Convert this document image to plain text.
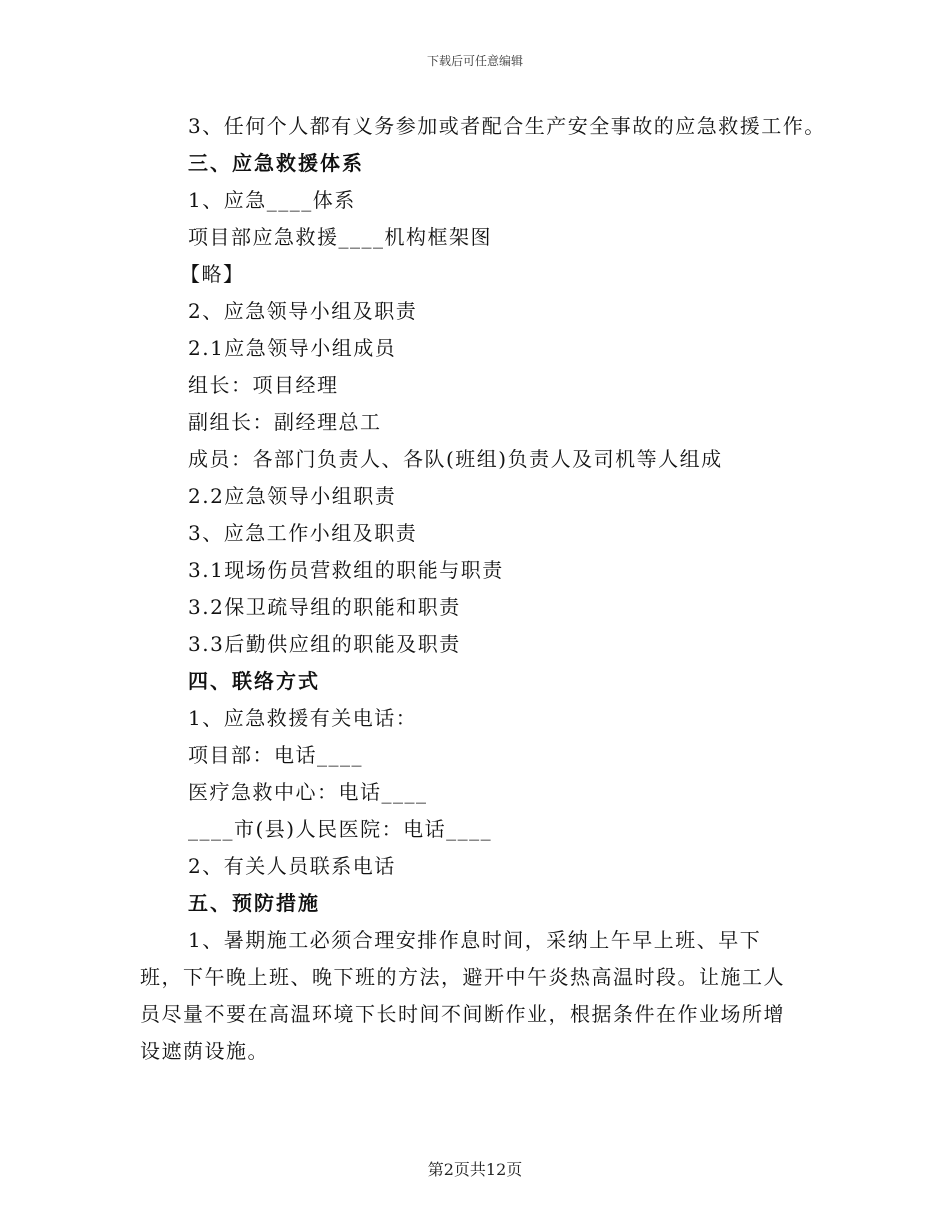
下载后可任意编辑
3、任何个人都有义务参加或者配合生产安全事故的应急救援工作。
三、应急救援体系
1、应急____体系
项目部应急救援____机构框架图
【略】
2、应急领导小组及职责
2.1应急领导小组成员
组长：项目经理
副组长：副经理总工
成员：各部门负责人、各队(班组)负责人及司机等人组成
2.2应急领导小组职责
3、应急工作小组及职责
3.1现场伤员营救组的职能与职责
3.2保卫疏导组的职能和职责
3.3后勤供应组的职能及职责
四、联络方式
1、应急救援有关电话：
项目部：电话____
医疗急救中心：电话____
____市(县)人民医院：电话____
2、有关人员联系电话
五、预防措施
1、暑期施工必须合理安排作息时间，采纳上午早上班、早下班，下午晚上班、晚下班的方法，避开中午炎热高温时段。让施工人员尽量不要在高温环境下长时间不间断作业，根据条件在作业场所增设遮荫设施。
第2页共12页
